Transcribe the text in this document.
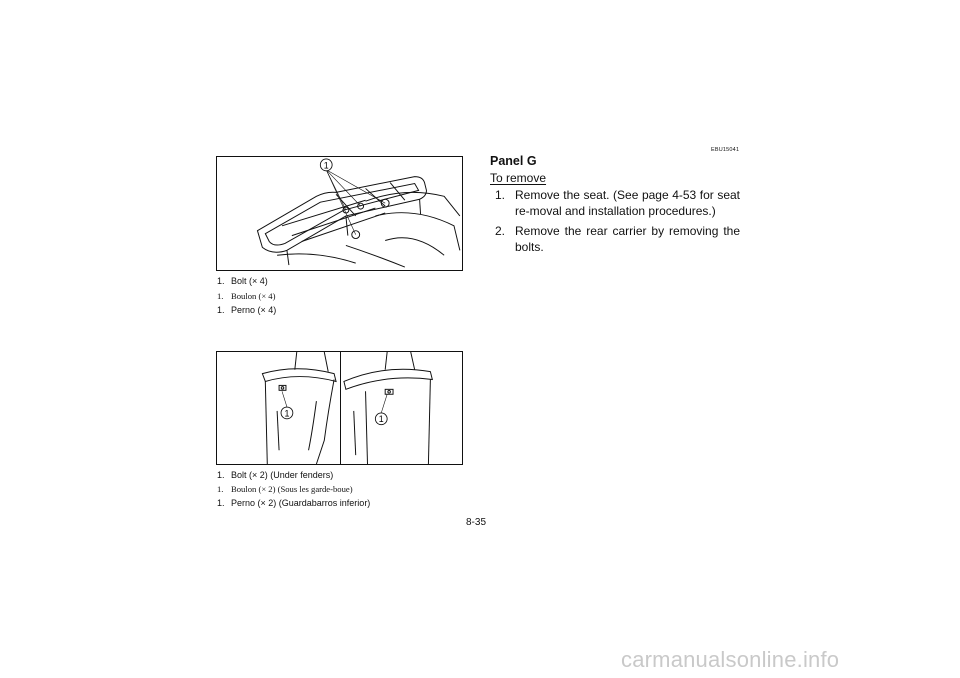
1
1. Bolt (× 4)
1. Boulon (× 4)
1. Perno (× 4)
1
1
1. Bolt (× 2) (Under fenders)
1. Boulon (× 2) (Sous les garde-boue)
1. Perno (× 2) (Guardabarros inferior)
EBU15041
Panel G
To remove
1. Remove the seat. (See page 4-53 for seat re-moval and installation procedures.)
2. Remove the rear carrier by removing the bolts.
8-35
carmanualsonline.info
